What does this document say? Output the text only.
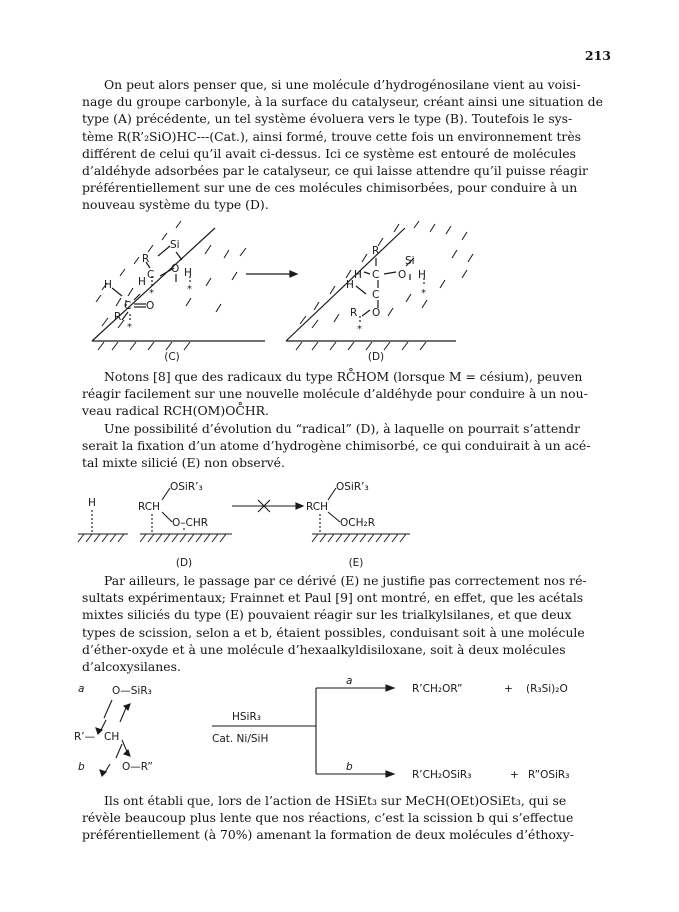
213

On peut alors penser que, si une molécule d’hydrogénosilane vient au voisi-
nage du groupe carbonyle, à la surface du catalyseur, créant ainsi une situation de
type (A) précédente, un tel système évoluera vers le type (B). Toutefois le sys-
tème R(R’₂SiO)HC---(Cat.), ainsi formé, trouve cette fois un environnement très
différent de celui qu’il avait ci-dessus. Ici ce système est entouré de molécules
d’aldéhyde adsorbées par le catalyseur, ce qui laisse attendre qu’il puisse réagir
préférentiellement sur une de ces molécules chimisorbées, pour conduire à un
nouveau système du type (D).

Si
R
C O
H
H
C O
H
R
*	*
*
(C)
R
Si
H C O H
H
C
O
R
*
*
(D)

Notons [8] que des radicaux du type RC̊HOM (lorsque M = césium), peuven
réagir facilement sur une nouvelle molécule d’aldéhyde pour conduire à un nou-
veau radical RCH(OM)OC̊HR.

Une possibilité d’évolution du “radical” (D), à laquelle on pourrait s’attendr
serait la fixation d’un atome d’hydrogène chimisorbé, ce qui conduirait à un acé-
tal mixte silicié (E) non observé.

H
OSiR’₃
RCH
O–CHR
OSiR’₃
RCH
OCH₂R
(D)	(E)

Par ailleurs, le passage par ce dérivé (E) ne justifie pas correctement nos ré-
sultats expérimentaux; Frainnet et Paul [9] ont montré, en effet, que les acétals
mixtes siliciés du type (E) pouvaient réagir sur les trialkylsilanes, et que deux
types de scission, selon a et b, étaient possibles, conduisant soit à une molécule
d’éther-oxyde et à une molécule d’hexaalkyldisiloxane, soit à deux molécules
d’alcoxysilanes.

a
b
O—SiR₃
R’— CH
O—R”
HSiR₃
Cat. Ni/SiH
a
b
R’CH₂OR”	+ (R₃Si)₂O
R’CH₂OSiR₃	+ R”OSiR₃

Ils ont établi que, lors de l’action de HSiEt₃ sur MeCH(OEt)OSiEt₃, qui se
révèle beaucoup plus lente que nos réactions, c’est la scission b qui s’effectue
préférentiellement (à 70%) amenant la formation de deux molécules d’éthoxy-
